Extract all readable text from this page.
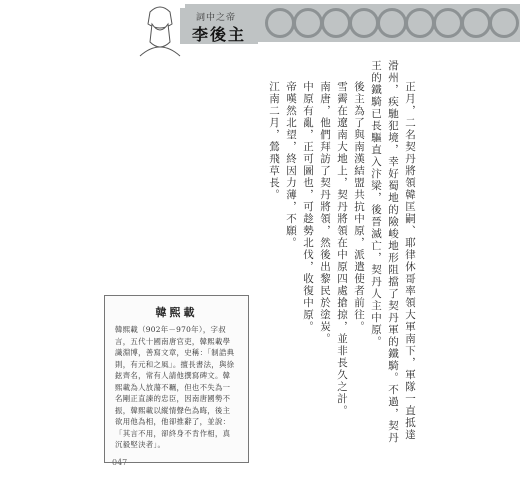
詞中之帝
李後主

正月，二名契丹將領韓匡嗣、耶律休哥率領大軍南下，軍隊一直抵達滑州，疾馳犯境，幸好蜀地的險峻地形阻擋了契丹軍的鐵騎。不過，契丹王的鐵騎已長驅直入汴梁，後晉滅亡，契丹人主中原。

後主為了與南漢結盟共抗中原，派遣使者前往。

雪霽在遼南大地上，契丹將領在中原四處搶掠，並非長久之計。

南唐，他們拜訪了契丹將領，然後出黎民於塗炭。

中原有亂，正可圖也，可趁勢北伐，收復中原。

帝嘆然北望，終因力薄，不願。

江南二月，鶯飛草長。

韓熙載
韓熙載（902年－970年），字叔言，五代十國南唐官吏，韓熙載學識淵博，善寫文章，史稱：「制誥典則，有元和之風」。擅長書法，與徐鉉齊名，常有人請他撰寫碑文。韓熙載為人放蕩不羈，但也不失為一名剛正直諫的忠臣，因南唐國勢不振，韓熙載以縱情聲色為晦，後主欲用他為相，他卻推辭了，並說：「其言不用，卻終身不肯作相，真沉毅堅決者」。
047
